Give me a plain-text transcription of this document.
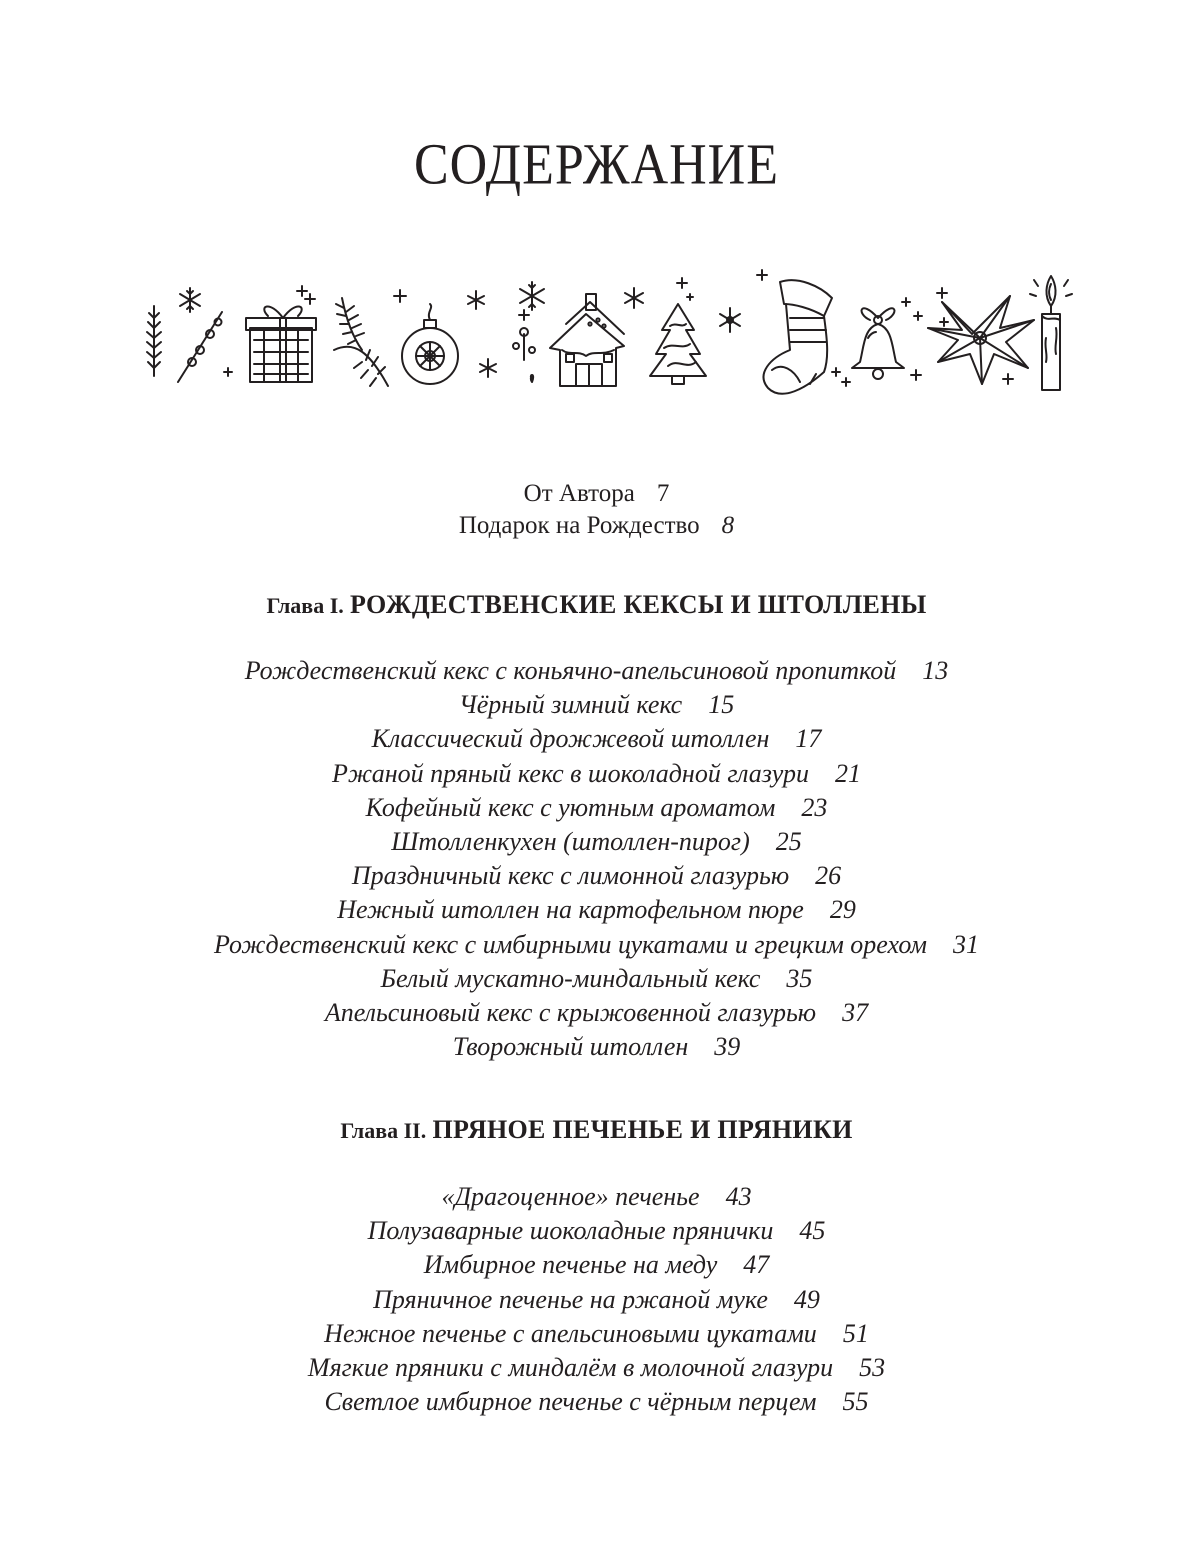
СОДЕРЖАНИЕ
От Автора 7
Подарок на Рождество 8
Глава I. РОЖДЕСТВЕНСКИЕ КЕКСЫ И ШТОЛЛЕНЫ
Рождественский кекс с коньячно-апельсиновой пропиткой 13
Чёрный зимний кекс 15
Классический дрожжевой штоллен 17
Ржаной пряный кекс в шоколадной глазури 21
Кофейный кекс с уютным ароматом 23
Штолленкухен (штоллен-пирог) 25
Праздничный кекс с лимонной глазурью 26
Нежный штоллен на картофельном пюре 29
Рождественский кекс с имбирными цукатами и грецким орехом 31
Белый мускатно-миндальный кекс 35
Апельсиновый кекс с крыжовенной глазурью 37
Творожный штоллен 39
Глава II. ПРЯНОЕ ПЕЧЕНЬЕ И ПРЯНИКИ
«Драгоценное» печенье 43
Полузаварные шоколадные прянички 45
Имбирное печенье на меду 47
Пряничное печенье на ржаной муке 49
Нежное печенье с апельсиновыми цукатами 51
Мягкие пряники с миндалём в молочной глазури 53
Светлое имбирное печенье с чёрным перцем 55
